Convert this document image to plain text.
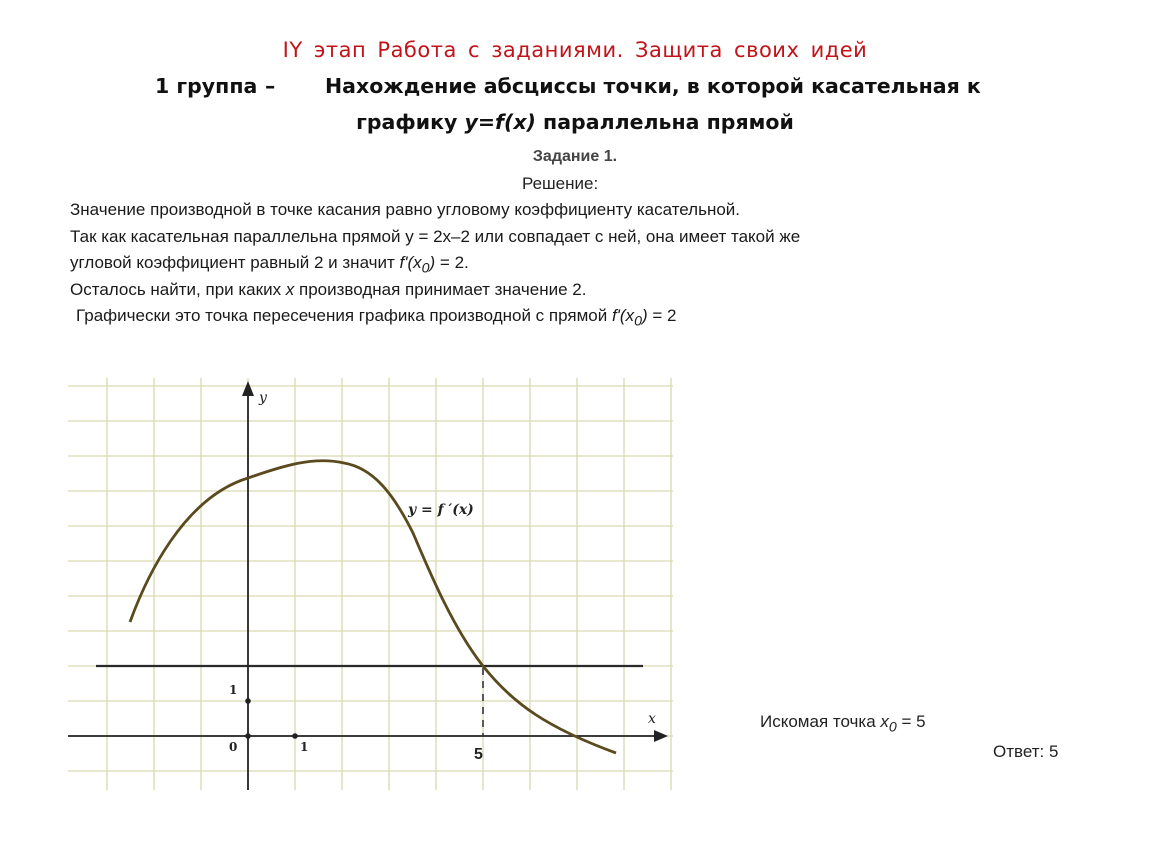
IY этап Работа с заданиями. Защита своих идей
1 группа – Нахождение абсциссы точки, в которой касательная к
графику y=f(x) параллельна прямой
Задание 1.
Решение:
Значение производной в точке касания равно угловому коэффициенту касательной.
Так как касательная параллельна прямой y = 2x–2 или совпадает с ней, она имеет такой же
угловой коэффициент равный 2 и значит $f'(x_0) = 2$.
Осталось найти, при каких x производная принимает значение 2.
Графически это точка пересечения графика производной с прямой $f'(x_0) = 2$
y
x
y = f ′(x)
1
0	1	5
Искомая точка $x_0 = 5$
Ответ: 5
